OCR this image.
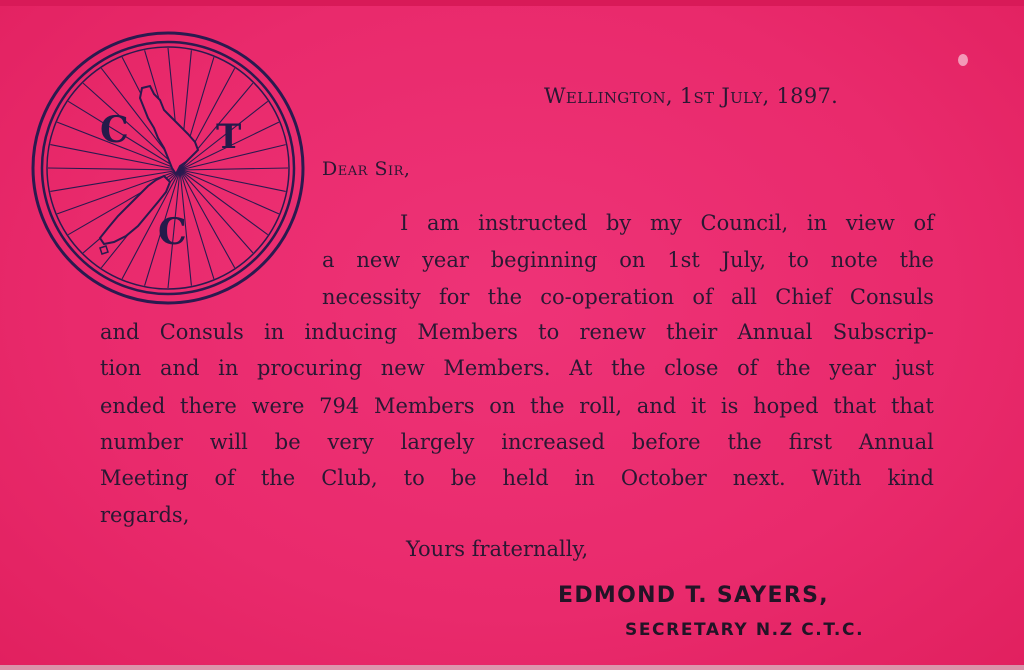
C	T
C
Wellington, 1st July, 1897.
Dear Sir,
I am instructed by my Council, in view of
a new year beginning on 1st July, to note the
necessity for the co-operation of all Chief Consuls
and Consuls in inducing Members to renew their Annual Subscrip-
tion and in procuring new Members. At the close of the year just
ended there were 794 Members on the roll, and it is hoped that that
number will be very largely increased before the first Annual
Meeting of the Club, to be held in October next. With kind
regards,
Yours fraternally,
EDMOND T. SAYERS,
SECRETARY N.Z C.T.C.
